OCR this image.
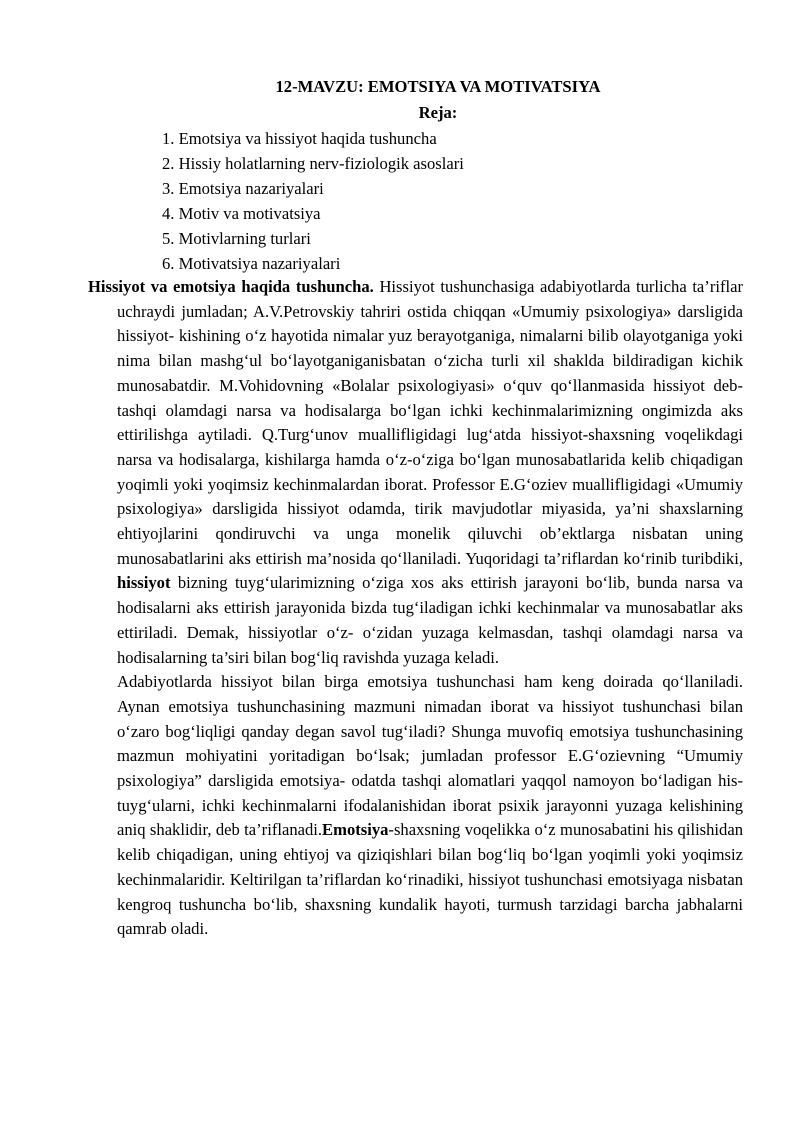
12-MAVZU: EMOTSIYA VA MOTIVATSIYA
Reja:
1. Emotsiya va hissiyot haqida tushuncha
2. Hissiy holatlarning nerv-fiziologik asoslari
3. Emotsiya nazariyalari
4. Motiv va motivatsiya
5. Motivlarning turlari
6. Motivatsiya nazariyalari

Hissiyot va emotsiya haqida tushuncha. Hissiyot tushunchasiga adabiyotlarda turlicha ta’riflar uchraydi jumladan; A.V.Petrovskiy tahriri ostida chiqqan «Umumiy psixologiya» darsligida hissiyot- kishining o‘z hayotida nimalar yuz berayotganiga, nimalarni bilib olayotganiga yoki nima bilan mashg‘ul bo‘layotganiganisbatan o‘zicha turli xil shaklda bildiradigan kichik munosabatdir. M.Vohidovning «Bolalar psixologiyasi» o‘quv qo‘llanmasida hissiyot deb-tashqi olamdagi narsa va hodisalarga bo‘lgan ichki kechinmalarimizning ongimizda aks ettirilishga aytiladi. Q.Turg‘unov muallifligidagi lug‘atda hissiyot-shaxsning voqelikdagi narsa va hodisalarga, kishilarga hamda o‘z-o‘ziga bo‘lgan munosabatlarida kelib chiqadigan yoqimli yoki yoqimsiz kechinmalardan iborat. Professor E.G‘oziev muallifligidagi «Umumiy psixologiya» darsligida hissiyot odamda, tirik mavjudotlar miyasida, ya’ni shaxslarning ehtiyojlarini qondiruvchi va unga monelik qiluvchi ob’ektlarga nisbatan uning munosabatlarini aks ettirish ma’nosida qo‘llaniladi. Yuqoridagi ta’riflardan ko‘rinib turibdiki, hissiyot bizning tuyg‘ularimizning o‘ziga xos aks ettirish jarayoni bo‘lib, bunda narsa va hodisalarni aks ettirish jarayonida bizda tug‘iladigan ichki kechinmalar va munosabatlar aks ettiriladi. Demak, hissiyotlar o‘z- o‘zidan yuzaga kelmasdan, tashqi olamdagi narsa va hodisalarning ta’siri bilan bog‘liq ravishda yuzaga keladi.

Adabiyotlarda hissiyot bilan birga emotsiya tushunchasi ham keng doirada qo‘llaniladi. Aynan emotsiya tushunchasining mazmuni nimadan iborat va hissiyot tushunchasi bilan o‘zaro bog‘liqligi qanday degan savol tug‘iladi? Shunga muvofiq emotsiya tushunchasining mazmun mohiyatini yoritadigan bo‘lsak; jumladan professor E.G‘ozievning “Umumiy psixologiya” darsligida emotsiya- odatda tashqi alomatlari yaqqol namoyon bo‘ladigan his- tuyg‘ularni, ichki kechinmalarni ifodalanishidan iborat psixik jarayonni yuzaga kelishining aniq shaklidir, deb ta’riflanadi.Emotsiya-shaxsning voqelikka o‘z munosabatini his qilishidan kelib chiqadigan, uning ehtiyoj va qiziqishlari bilan bog‘liq bo‘lgan yoqimli yoki yoqimsiz kechinmalaridir. Keltirilgan ta’riflardan ko‘rinadiki, hissiyot tushunchasi emotsiyaga nisbatan kengroq tushuncha bo‘lib, shaxsning kundalik hayoti, turmush tarzidagi barcha jabhalarni qamrab oladi.
